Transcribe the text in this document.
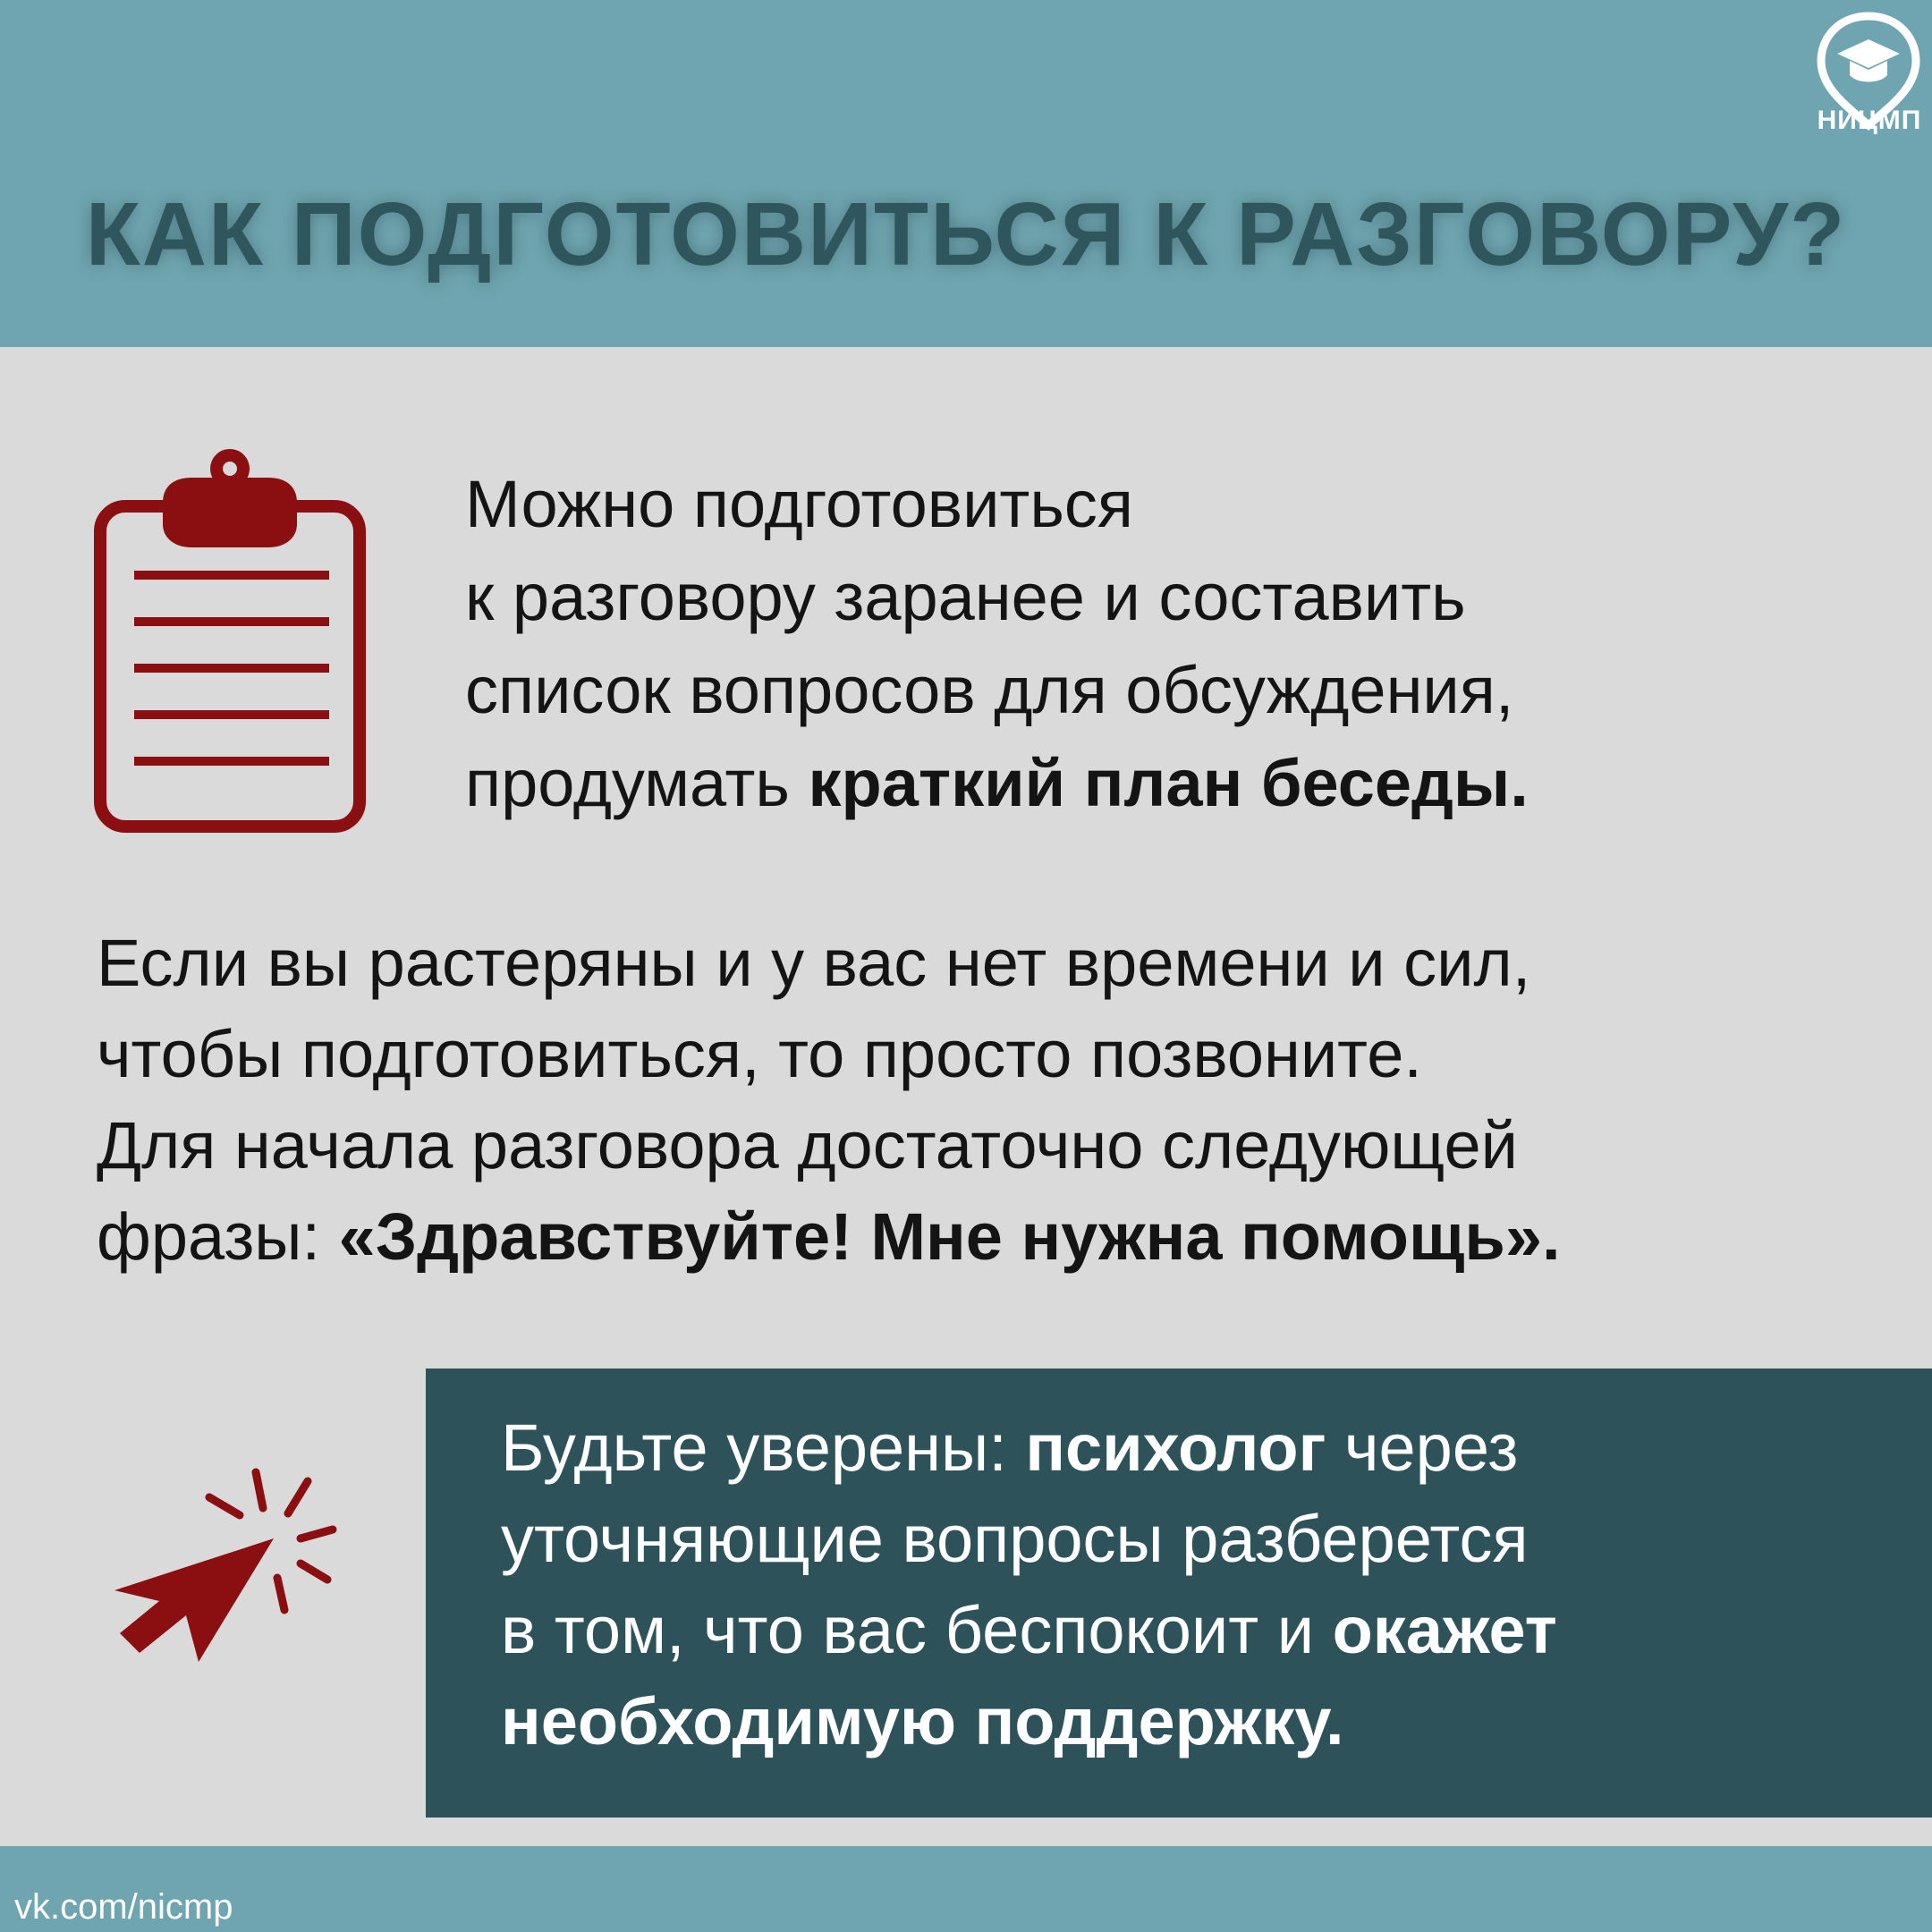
КАК ПОДГОТОВИТЬСЯ К РАЗГОВОРУ?
НИЦМП
Можно подготовиться
к разговору заранее и составить
список вопросов для обсуждения,
продумать краткий план беседы.
Если вы растеряны и у вас нет времени и сил,
чтобы подготовиться, то просто позвоните.
Для начала разговора достаточно следующей
фразы: «Здравствуйте! Мне нужна помощь».
Будьте уверены: психолог через
уточняющие вопросы разберется
в том, что вас беспокоит и окажет
необходимую поддержку.
vk.com/nicmp
